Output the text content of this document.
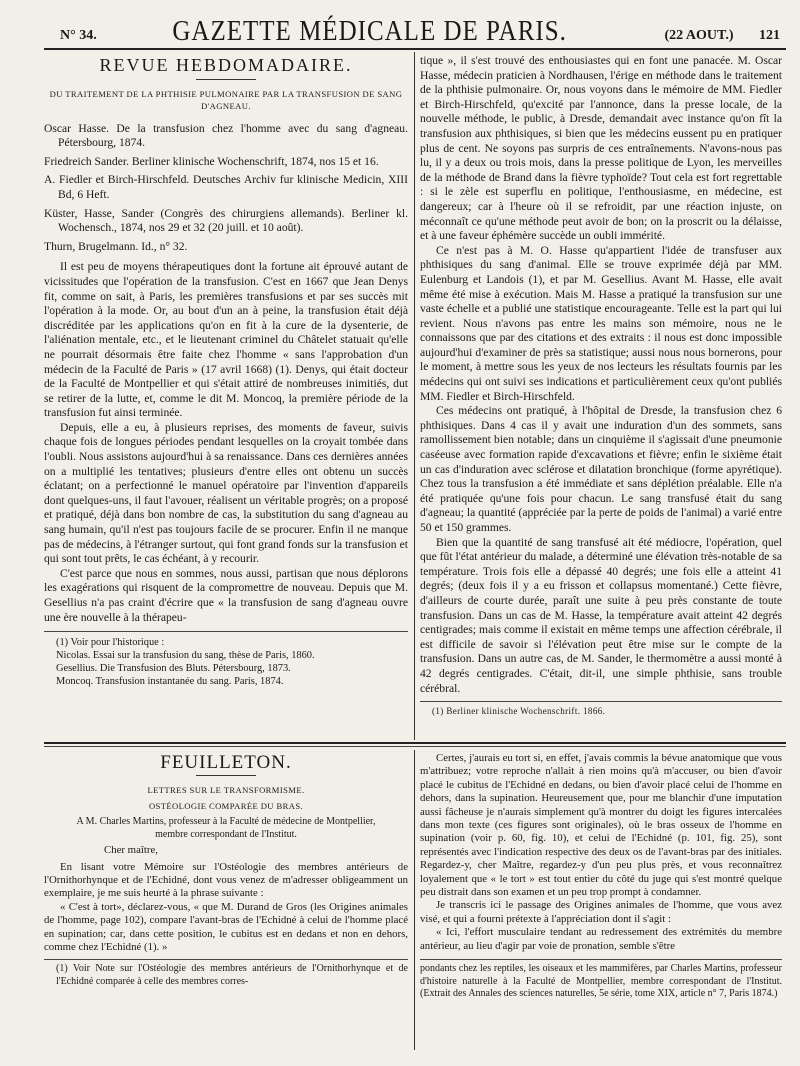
N° 34.	GAZETTE MÉDICALE DE PARIS.	(22 AOUT.) 121
REVUE HEBDOMADAIRE.
DU TRAITEMENT DE LA PHTHISIE PULMONAIRE PAR LA TRANSFUSION DE SANG D'AGNEAU.

Oscar Hasse. De la transfusion chez l'homme avec du sang d'agneau. Pétersbourg, 1874.

Friedreich Sander. Berliner klinische Wochenschrift, 1874, nos 15 et 16.

A. Fiedler et Birch-Hirschfeld. Deutsches Archiv fur klinische Medicin, XIII Bd, 6 Heft.

Küster, Hasse, Sander (Congrès des chirurgiens allemands). Berliner kl. Wochensch., 1874, nos 29 et 32 (20 juill. et 10 août).

Thurn, Brugelmann. Id., n° 32.

Il est peu de moyens thérapeutiques dont la fortune ait éprouvé autant de vicissitudes que l'opération de la transfusion. C'est en 1667 que Jean Denys fit, comme on sait, à Paris, les premières transfusions et par ses succès mit l'opération à la mode. Or, au bout d'un an à peine, la transfusion était déjà discréditée par les applications qu'on en fit à la cure de la dysenterie, de l'aliénation mentale, etc., et le lieutenant criminel du Châtelet statuait qu'elle ne pourrait désormais être faite chez l'homme « sans l'approbation d'un médecin de la Faculté de Paris » (17 avril 1668) (1). Denys, qui était docteur de la Faculté de Montpellier et qui s'était attiré de nombreuses inimitiés, dut se retirer de la lutte, et, comme le dit M. Moncoq, la première période de la transfusion fut ainsi terminée.

Depuis, elle a eu, à plusieurs reprises, des moments de faveur, suivis chaque fois de longues périodes pendant lesquelles on la croyait tombée dans l'oubli. Nous assistons aujourd'hui à sa renaissance. Dans ces dernières années on a multiplié les tentatives; plusieurs d'entre elles ont obtenu un succès éclatant; on a perfectionné le manuel opératoire par l'invention d'appareils dont quelques-uns, il faut l'avouer, réalisent un véritable progrès; on a proposé et pratiqué, déjà dans bon nombre de cas, la substitution du sang d'agneau au sang humain, qu'il n'est pas toujours facile de se procurer. Enfin il ne manque pas de médecins, à l'étranger surtout, qui font grand fonds sur la transfusion et qui sont tout prêts, le cas échéant, à y recourir.

C'est parce que nous en sommes, nous aussi, partisan que nous déplorons les exagérations qui risquent de la compromettre de nouveau. Depuis que M. Gesellius n'a pas craint d'écrire que « la transfusion de sang d'agneau ouvre une ère nouvelle à la thérapeu-

(1) Voir pour l'historique :

Nicolas. Essai sur la transfusion du sang, thèse de Paris, 1860.

Gesellius. Die Transfusion des Bluts. Pétersbourg, 1873.

Moncoq. Transfusion instantanée du sang. Paris, 1874.

tique », il s'est trouvé des enthousiastes qui en font une panacée. M. Oscar Hasse, médecin praticien à Nordhausen, l'érige en méthode dans le traitement de la phthisie pulmonaire. Or, nous voyons dans le mémoire de MM. Fiedler et Birch-Hirschfeld, qu'excité par l'annonce, dans la presse locale, de la nouvelle méthode, le public, à Dresde, demandait avec instance qu'on fît la transfusion aux phthisiques, si bien que les médecins eussent pu en pratiquer plus de cent. Ne soyons pas surpris de ces entraînements. N'avons-nous pas lu, il y a deux ou trois mois, dans la presse politique de Lyon, les merveilles de la méthode de Brand dans la fièvre typhoïde? Tout cela est fort regrettable : si le zèle est superflu en politique, l'enthousiasme, en médecine, est dangereux; car à l'heure où il se refroidit, par une réaction injuste, on méconnaît ce qu'une méthode peut avoir de bon; on la proscrit ou la délaisse, et à une faveur éphémère succède un oubli immérité.

Ce n'est pas à M. O. Hasse qu'appartient l'idée de transfuser aux phthisiques du sang d'animal. Elle se trouve exprimée déjà par MM. Eulenburg et Landois (1), et par M. Gesellius. Avant M. Hasse, elle avait même été mise à exécution. Mais M. Hasse a pratiqué la transfusion sur une vaste échelle et a publié une statistique encourageante. Telle est la part qui lui revient. Nous n'avons pas entre les mains son mémoire, nous ne le connaissons que par des citations et des extraits : il nous est donc impossible aujourd'hui d'examiner de près sa statistique; aussi nous nous bornerons, pour le moment, à mettre sous les yeux de nos lecteurs les résultats fournis par les médecins qui ont suivi ses indications et particulièrement ceux qu'ont publiés MM. Fiedler et Birch-Hirschfeld.

Ces médecins ont pratiqué, à l'hôpital de Dresde, la transfusion chez 6 phthisiques. Dans 4 cas il y avait une induration d'un des sommets, sans ramollissement bien notable; dans un cinquième il s'agissait d'une pneumonie caséeuse avec formation rapide d'excavations et fièvre; enfin le sixième était un cas d'induration avec sclérose et dilatation bronchique (forme apyrétique). Chez tous la transfusion a été immédiate et sans déplétion préalable. Elle n'a été pratiquée qu'une fois pour chacun. Le sang transfusé était du sang d'agneau; la quantité (appréciée par la perte de poids de l'animal) a varié entre 50 et 150 grammes.

Bien que la quantité de sang transfusé ait été médiocre, l'opération, quel que fût l'état antérieur du malade, a déterminé une élévation très-notable de sa température. Trois fois elle a dépassé 40 degrés; une fois elle a atteint 41 degrés; (deux fois il y a eu frisson et collapsus momentané.) Cette fièvre, d'ailleurs de courte durée, paraît une suite à peu près constante de toute transfusion. Dans un cas de M. Hasse, la température avait atteint 42 degrés centigrades; mais comme il existait en même temps une affection cérébrale, il est difficile de savoir si l'élévation peut être mise sur le compte de la transfusion. Dans un autre cas, de M. Sander, le thermomètre a aussi monté à 42 degrés centigrades. C'était, dit-il, une simple phthisie, sans trouble cérébral.

(1) Berliner klinische Wochenschrift. 1866.
FEUILLETON.
LETTRES SUR LE TRANSFORMISME.
OSTÉOLOGIE COMPARÉE DU BRAS.

A M. Charles Martins, professeur à la Faculté de médecine de Montpellier, membre correspondant de l'Institut.

Cher maître,

En lisant votre Mémoire sur l'Ostéologie des membres antérieurs de l'Ornithorhynque et de l'Echidné, dont vous venez de m'adresser obligeamment un exemplaire, je me suis heurté à la phrase suivante :

« C'est à tort», déclarez-vous, « que M. Durand de Gros (les Origines animales de l'homme, page 102), compare l'avant-bras de l'Echidné à celui de l'homme placé en supination; car, dans cette position, le cubitus est en dedans et non en dehors, comme chez l'Echidné (1). »

(1) Voir Note sur l'Ostéologie des membres antérieurs de l'Ornithorhynque et de l'Echidné comparée à celle des membres corres-

Certes, j'aurais eu tort si, en effet, j'avais commis la bévue anatomique que vous m'attribuez; votre reproche n'allait à rien moins qu'à m'accuser, ou bien d'avoir placé le cubitus de l'Echidné en dedans, ou bien d'avoir placé celui de l'homme en dehors, dans la supination. Heureusement que, pour me blanchir d'une imputation aussi fâcheuse je n'aurais simplement qu'à montrer du doigt les figures intercalées dans mon texte (ces figures sont originales), où le bras osseux de l'homme en supination (voir p. 60, fig. 10), et celui de l'Echidné (p. 101, fig. 25), sont représentés avec l'indication respective des deux os de l'avant-bras par des initiales. Regardez-y, cher Maître, regardez-y d'un peu plus près, et vous reconnaîtrez loyalement que « le tort » est tout entier du côté du juge qui s'est montré quelque peu distrait dans son examen et un peu trop prompt à condamner.

Je transcris ici le passage des Origines animales de l'homme, que vous avez visé, et qui a fourni prétexte à l'appréciation dont il s'agit :

« Ici, l'effort musculaire tendant au redressement des extrémités du membre antérieur, au lieu d'agir par voie de pronation, semble s'être

pondants chez les reptiles, les oiseaux et les mammifères, par Charles Martins, professeur d'histoire naturelle à la Faculté de Montpellier, membre correspondant de l'Institut. (Extrait des Annales des sciences naturelles, 5e série, tome XIX, article n° 7, Paris 1874.)
